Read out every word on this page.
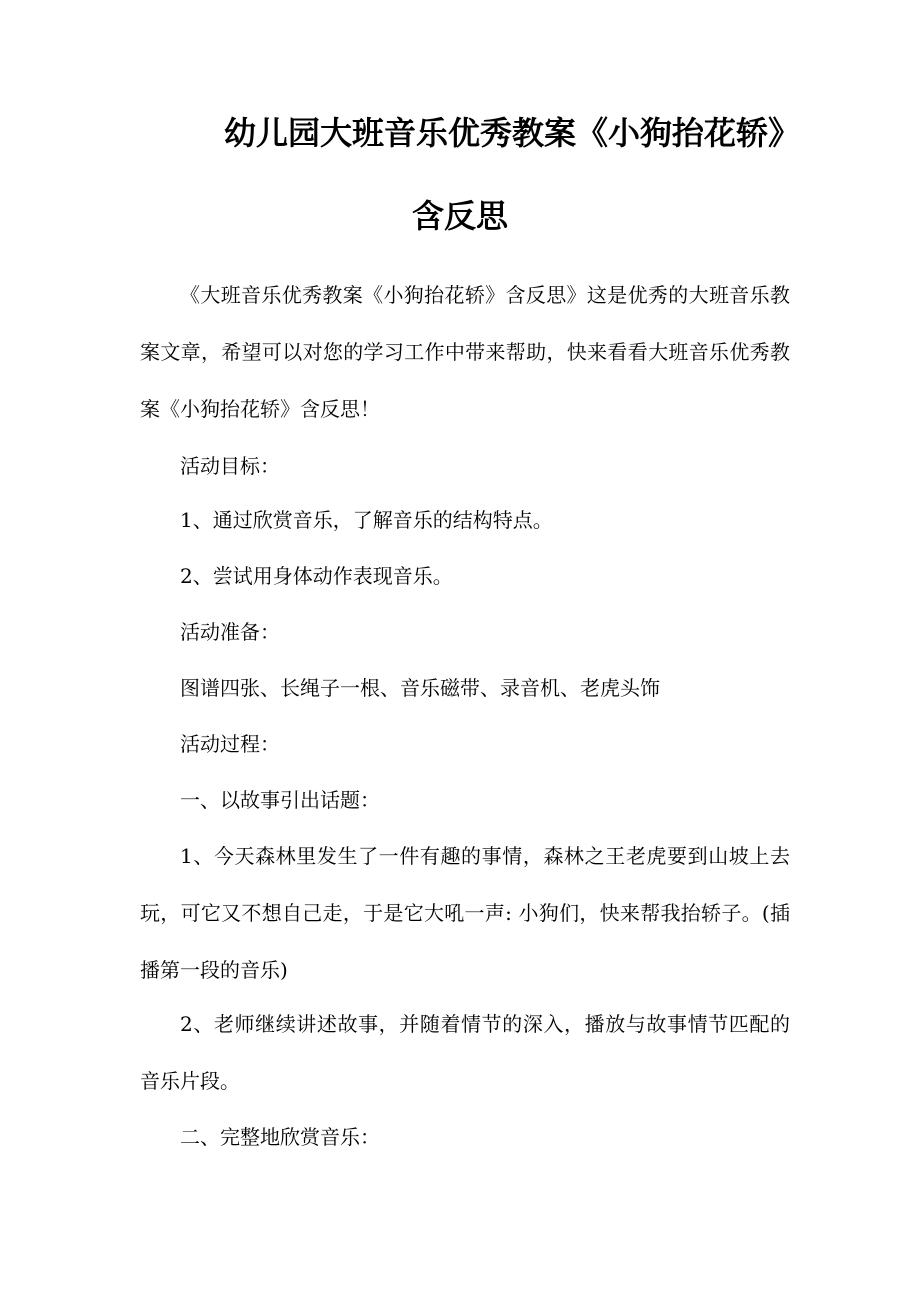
幼儿园大班音乐优秀教案《小狗抬花轿》
含反思

《大班音乐优秀教案《小狗抬花轿》含反思》这是优秀的大班音乐教案文章，希望可以对您的学习工作中带来帮助，快来看看大班音乐优秀教案《小狗抬花轿》含反思！

活动目标：

1、通过欣赏音乐，了解音乐的结构特点。

2、尝试用身体动作表现音乐。

活动准备：

图谱四张、长绳子一根、音乐磁带、录音机、老虎头饰

活动过程：

一、以故事引出话题：

1、今天森林里发生了一件有趣的事情，森林之王老虎要到山坡上去玩，可它又不想自己走，于是它大吼一声: 小狗们，快来帮我抬轿子。(插播第一段的音乐)

2、老师继续讲述故事，并随着情节的深入，播放与故事情节匹配的音乐片段。

二、完整地欣赏音乐：
